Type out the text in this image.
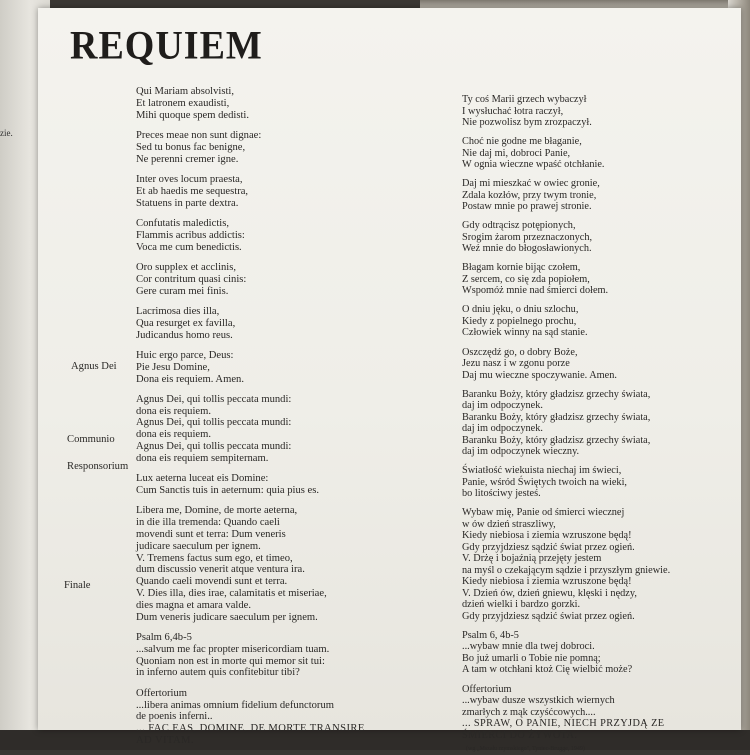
zie.
REQUIEM
Agnus Dei
Communio
Responsorium
Finale
Qui Mariam absolvisti,
Et latronem exaudisti,
Mihi quoque spem dedisti.
Preces meae non sunt dignae:
Sed tu bonus fac benigne,
Ne perenni cremer igne.
Inter oves locum praesta,
Et ab haedis me sequestra,
Statuens in parte dextra.
Confutatis maledictis,
Flammis acribus addictis:
Voca me cum benedictis.
Oro supplex et acclinis,
Cor contritum quasi cinis:
Gere curam mei finis.
Lacrimosa dies illa,
Qua resurget ex favilla,
Judicandus homo reus.
Huic ergo parce, Deus:
Pie Jesu Domine,
Dona eis requiem. Amen.
Agnus Dei, qui tollis peccata mundi:
dona eis requiem.
Agnus Dei, qui tollis peccata mundi:
dona eis requiem.
Agnus Dei, qui tollis peccata mundi:
dona eis requiem sempiternam.
Lux aeterna luceat eis Domine:
Cum Sanctis tuis in aeternum: quia pius es.
Libera me, Domine, de morte aeterna,
in die illa tremenda: Quando caeli
movendi sunt et terra: Dum veneris
judicare saeculum per ignem.
V. Tremens factus sum ego, et timeo,
dum discussio venerit atque ventura ira.
Quando caeli movendi sunt et terra.
V. Dies illa, dies irae, calamitatis et miseriae,
dies magna et amara valde.
Dum veneris judicare saeculum per ignem.
Psalm 6,4b-5
...salvum me fac propter misericordiam tuam.
Quoniam non est in morte qui memor sit tui:
in inferno autem quis confitebitur tibi?
Offertorium
...libera animas omnium fidelium defunctorum
de poenis inferni..
... FAC EAS, DOMINE, DE MORTE TRANSIRE
AD VITAM.
Ty coś Marii grzech wybaczył
I wysłuchać łotra raczył,
Nie pozwolisz bym zrozpaczył.
Choć nie godne me błaganie,
Nie daj mi, dobroci Panie,
W ognia wieczne wpaść otchłanie.
Daj mi mieszkać w owiec gronie,
Zdala kozłów, przy twym tronie,
Postaw mnie po prawej stronie.
Gdy odtrącisz potępionych,
Srogim żarom przeznaczonych,
Weź mnie do błogosławionych.
Błagam kornie bijąc czołem,
Z sercem, co się zda popiołem,
Wspomóż mnie nad śmierci dołem.
O dniu jęku, o dniu szlochu,
Kiedy z popielnego prochu,
Człowiek winny na sąd stanie.
Oszczędź go, o dobry Boże,
Jezu nasz i w zgonu porze
Daj mu wieczne spoczywanie. Amen.
Baranku Boży, który gładzisz grzechy świata,
daj im odpoczynek.
Baranku Boży, który gładzisz grzechy świata,
daj im odpoczynek.
Baranku Boży, który gładzisz grzechy świata,
daj im odpoczynek wieczny.
Światłość wiekuista niechaj im świeci,
Panie, wśród Świętych twoich na wieki,
bo litościwy jesteś.
Wybaw mię, Panie od śmierci wiecznej
w ów dzień straszliwy,
Kiedy niebiosa i ziemia wzruszone będą!
Gdy przyjdziesz sądzić świat przez ogień.
V. Drżę i bojaźnią przejęty jestem
na myśl o czekającym sądzie i przyszłym gniewie.
Kiedy niebiosa i ziemia wzruszone będą!
V. Dzień ów, dzień gniewu, klęski i nędzy,
dzień wielki i bardzo gorzki.
Gdy przyjdziesz sądzić świat przez ogień.
Psalm 6, 4b-5
...wybaw mnie dla twej dobroci.
Bo już umarli o Tobie nie pomną;
A tam w otchłani ktoż Cię wielbić może?
Offertorium
...wybaw dusze wszystkich wiernych
zmarłych z mąk czyśćcowych....
... SPRAW, O PANIE, NIECH PRZYJDĄ ZE
ŚMIERCI DO ŻYWOTA.
(wg „Mszału rzymskiego", Tyniec-Brugge, 1949)
